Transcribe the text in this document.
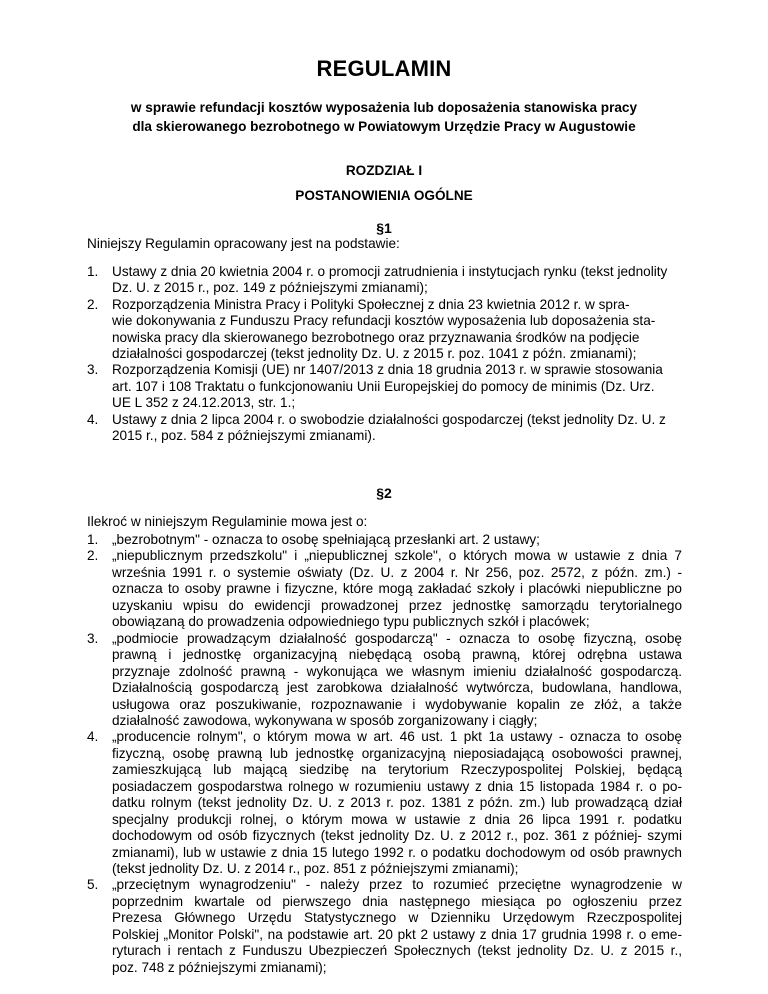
REGULAMIN
w sprawie refundacji kosztów wyposażenia lub doposażenia stanowiska pracy
dla skierowanego bezrobotnego w Powiatowym Urzędzie Pracy w Augustowie
ROZDZIAŁ I
POSTANOWIENIA OGÓLNE
§1
Niniejszy Regulamin opracowany jest na podstawie:
1. Ustawy z dnia 20 kwietnia 2004 r. o promocji zatrudnienia i instytucjach rynku (tekst jednolity
Dz. U. z 2015 r., poz. 149 z późniejszymi zmianami);
2. Rozporządzenia Ministra Pracy i Polityki Społecznej z dnia 23 kwietnia 2012 r. w spra-
wie dokonywania z Funduszu Pracy refundacji kosztów wyposażenia lub doposażenia sta-
nowiska pracy dla skierowanego bezrobotnego oraz przyznawania środków na podjęcie
działalności gospodarczej (tekst jednolity Dz. U. z 2015 r. poz. 1041 z późn. zmianami);
3. Rozporządzenia Komisji (UE) nr 1407/2013 z dnia 18 grudnia 2013 r. w sprawie stosowania
art. 107 i 108 Traktatu o funkcjonowaniu Unii Europejskiej do pomocy de minimis (Dz. Urz.
UE L 352 z 24.12.2013, str. 1.;
4. Ustawy z dnia 2 lipca 2004 r. o swobodzie działalności gospodarczej (tekst jednolity Dz. U. z
2015 r., poz. 584 z późniejszymi zmianami).
§2
Ilekroć w niniejszym Regulaminie mowa jest o:
1. „bezrobotnym" - oznacza to osobę spełniającą przesłanki art. 2 ustawy;
2. „niepublicznym przedszkolu" i „niepublicznej szkole", o których mowa w ustawie z dnia 7
września 1991 r. o systemie oświaty (Dz. U. z 2004 r. Nr 256, poz. 2572, z późn. zm.) -
oznacza to osoby prawne i fizyczne, które mogą zakładać szkoły i placówki niepubliczne po
uzyskaniu wpisu do ewidencji prowadzonej przez jednostkę samorządu terytorialnego
obowiązaną do prowadzenia odpowiedniego typu publicznych szkół i placówek;
3. „podmiocie prowadzącym działalność gospodarczą" - oznacza to osobę fizyczną, osobę
prawną i jednostkę organizacyjną niebędącą osobą prawną, której odrębna ustawa
przyznaje zdolność prawną - wykonująca we własnym imieniu działalność gospodarczą.
Działalnością gospodarczą jest zarobkowa działalność wytwórcza, budowlana, handlowa,
usługowa oraz poszukiwanie, rozpoznawanie i wydobywanie kopalin ze złóż, a także
działalność zawodowa, wykonywana w sposób zorganizowany i ciągły;
4. „producencie rolnym", o którym mowa w art. 46 ust. 1 pkt 1a ustawy - oznacza to osobę
fizyczną, osobę prawną lub jednostkę organizacyjną nieposiadającą osobowości prawnej,
zamieszkującą lub mającą siedzibę na terytorium Rzeczypospolitej Polskiej, będącą
posiadaczem gospodarstwa rolnego w rozumieniu ustawy z dnia 15 listopada 1984 r. o po-
datku rolnym (tekst jednolity Dz. U. z 2013 r. poz. 1381 z późn. zm.) lub prowadzącą dział
specjalny produkcji rolnej, o którym mowa w ustawie z dnia 26 lipca 1991 r. podatku
dochodowym od osób fizycznych (tekst jednolity Dz. U. z 2012 r., poz. 361 z później- szymi
zmianami), lub w ustawie z dnia 15 lutego 1992 r. o podatku dochodowym od osób prawnych
(tekst jednolity Dz. U. z 2014 r., poz. 851 z późniejszymi zmianami);
5. „przeciętnym wynagrodzeniu" - należy przez to rozumieć przeciętne wynagrodzenie w
poprzednim kwartale od pierwszego dnia następnego miesiąca po ogłoszeniu przez
Prezesa Głównego Urzędu Statystycznego w Dzienniku Urzędowym Rzeczpospolitej
Polskiej „Monitor Polski", na podstawie art. 20 pkt 2 ustawy z dnia 17 grudnia 1998 r. o eme-
ryturach i rentach z Funduszu Ubezpieczeń Społecznych (tekst jednolity Dz. U. z 2015 r.,
poz. 748 z późniejszymi zmianami);
